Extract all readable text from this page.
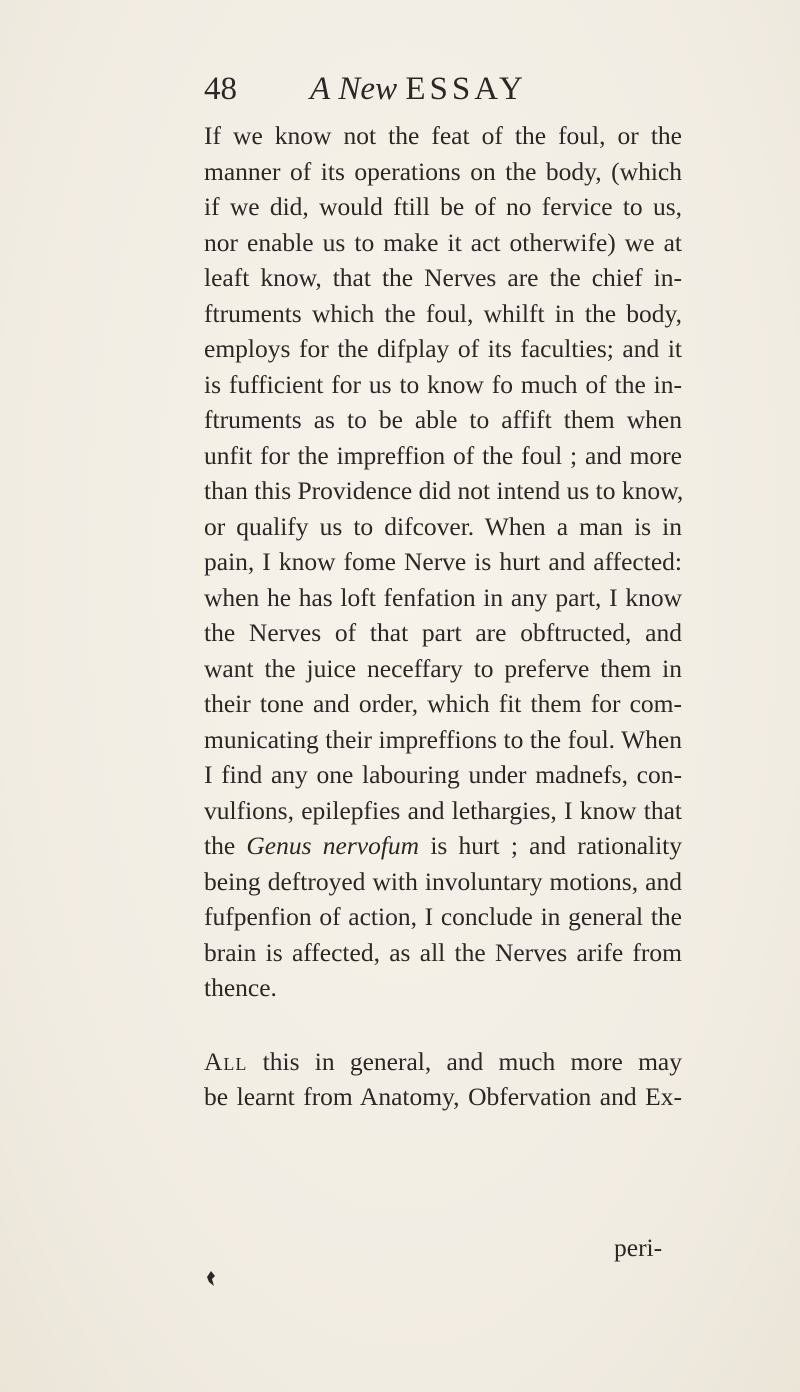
48 A New ESSAY
If we know not the feat of the foul, or the
manner of its operations on the body, (which
if we did, would ftill be of no fervice to us,
nor enable us to make it act otherwife) we at
leaft know, that the Nerves are the chief in-
ftruments which the foul, whilft in the body,
employs for the difplay of its faculties; and it
is fufficient for us to know fo much of the in-
ftruments as to be able to affift them when
unfit for the impreffion of the foul ; and more
than this Providence did not intend us to know,
or qualify us to difcover. When a man is in
pain, I know fome Nerve is hurt and affected:
when he has loft fenfation in any part, I know
the Nerves of that part are obftructed, and
want the juice neceffary to preferve them in
their tone and order, which fit them for com-
municating their impreffions to the foul. When
I find any one labouring under madnefs, con-
vulfions, epilepfies and lethargies, I know that
the Genus nervofum is hurt ; and rationality
being deftroyed with involuntary motions, and
fufpenfion of action, I conclude in general the
brain is affected, as all the Nerves arife from
thence.
All this in general, and much more may
be learnt from Anatomy, Obfervation and Ex-
peri-
